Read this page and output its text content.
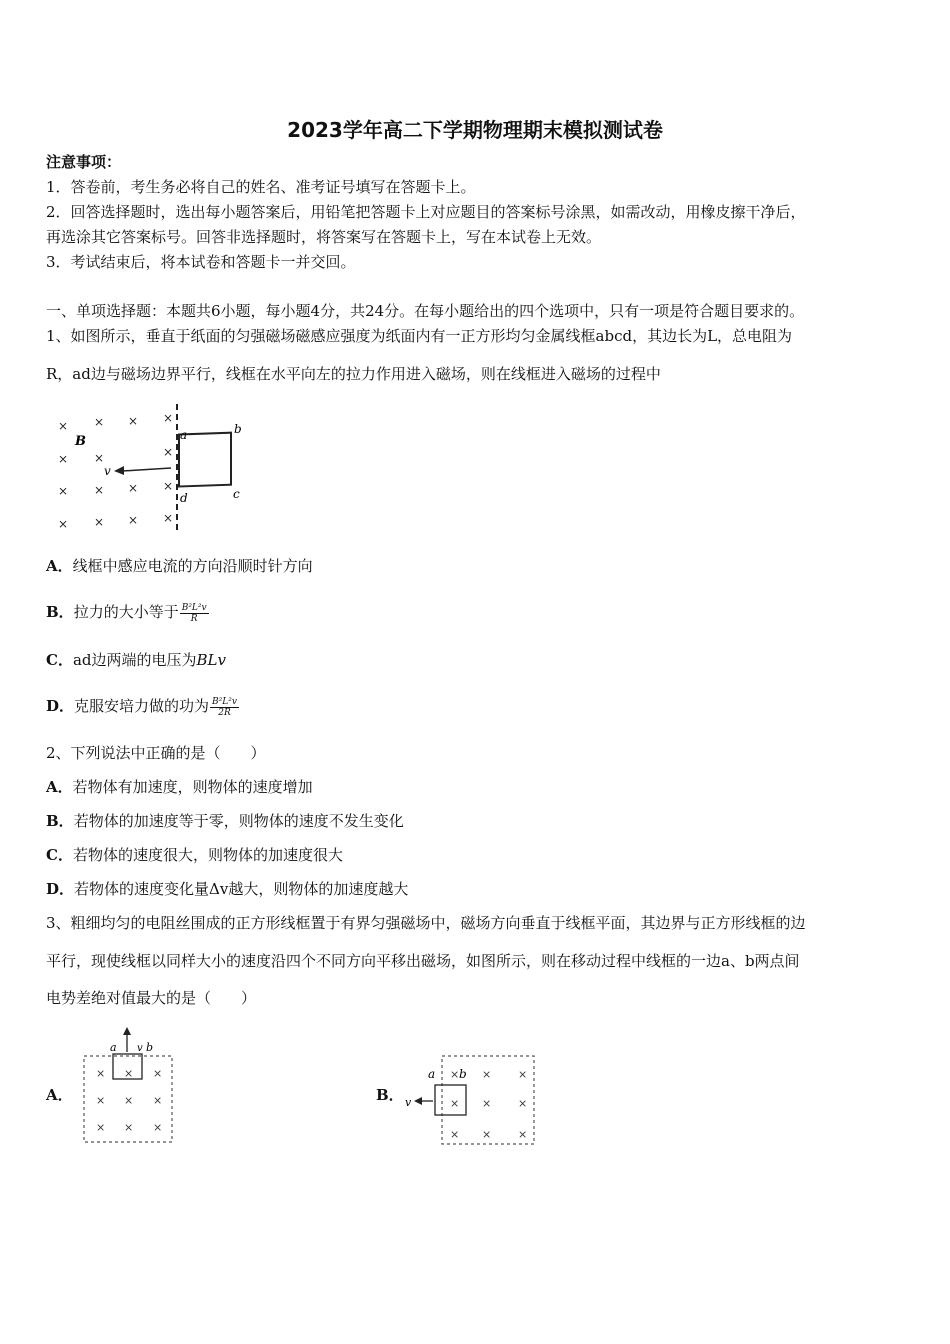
2023学年高二下学期物理期末模拟测试卷
注意事项：
1．答卷前，考生务必将自己的姓名、准考证号填写在答题卡上。
2．回答选择题时，选出每小题答案后，用铅笔把答题卡上对应题目的答案标号涂黑，如需改动，用橡皮擦干净后，
再选涂其它答案标号。回答非选择题时，将答案写在答题卡上，写在本试卷上无效。
3．考试结束后，将本试卷和答题卡一并交回。
一、单项选择题：本题共6小题，每小题4分，共24分。在每小题给出的四个选项中，只有一项是符合题目要求的。
1、如图所示，垂直于纸面的匀强磁场磁感应强度为纸面内有一正方形均匀金属线框abcd，其边长为L，总电阻为
R，ad边与磁场边界平行，线框在水平向左的拉力作用进入磁场，则在线框进入磁场的过程中
× × × ×
× ×	×
× × × ×
× × × ×
B
v
a	b
c
d
A．线框中感应电流的方向沿顺时针方向
B．拉力的大小等于 $\frac{\text{B²L²v}}{R}$
C．ad边两端的电压为BLv
D．克服安培力做的功为 $\frac{\text{B²L²v}}{2R}$
2、下列说法中正确的是（　　）
A．若物体有加速度，则物体的速度增加
B．若物体的加速度等于零，则物体的速度不发生变化
C．若物体的速度很大，则物体的加速度很大
D．若物体的速度变化量Δv越大，则物体的加速度越大
3、粗细均匀的电阻丝围成的正方形线框置于有界匀强磁场中，磁场方向垂直于线框平面，其边界与正方形线框的边
平行，现使线框以同样大小的速度沿四个不同方向平移出磁场，如图所示，则在移动过程中线框的一边a、b两点间
电势差绝对值最大的是（　　）
A．
× × ×
× × ×
× × ×
a	b
v
B．
× × ×
× × ×
× × ×
v
a b
